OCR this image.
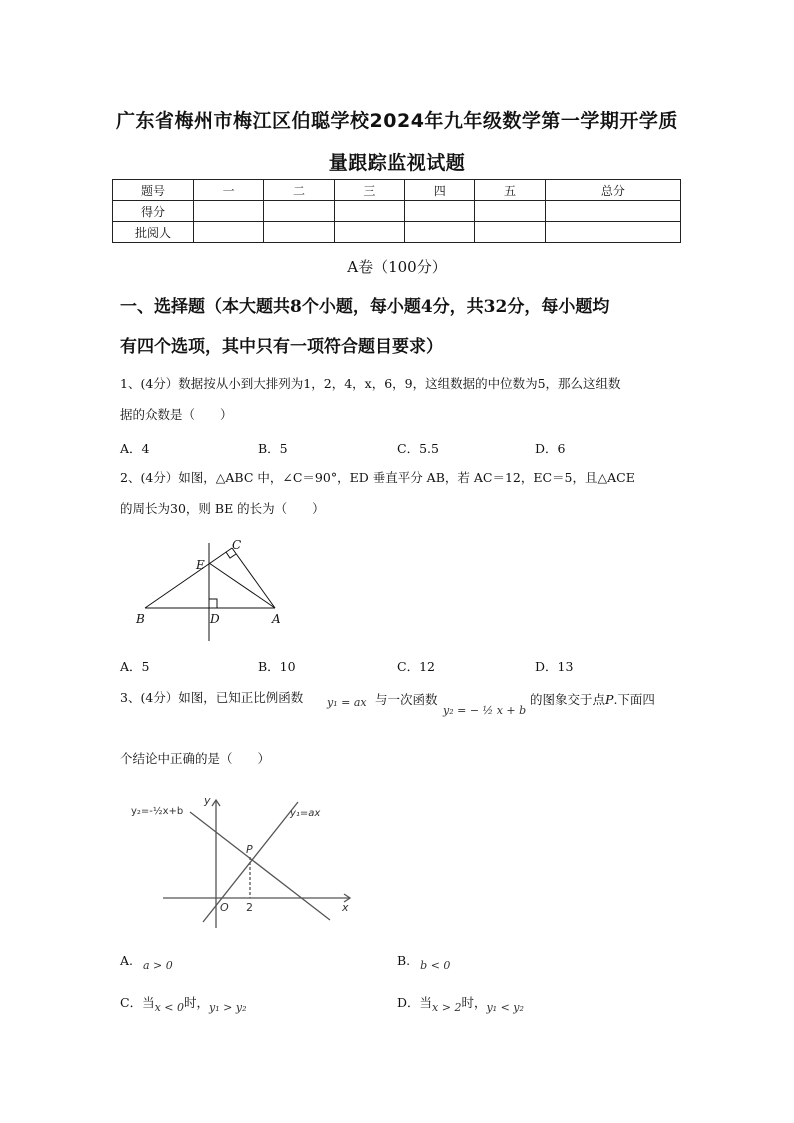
广东省梅州市梅江区伯聪学校2024年九年级数学第一学期开学质
量跟踪监视试题
题号	一	二	三	四	五	总分
得分						
批阅人						
A卷（100分）
一、选择题（本大题共8个小题，每小题4分，共32分，每小题均
有四个选项，其中只有一项符合题目要求）
1、(4分）数据按从小到大排列为1，2，4，x，6，9，这组数据的中位数为5，那么这组数
据的众数是（　　）
A．4	B．5	C．5.5	D．6
2、(4分）如图，△ABC 中，∠C＝90°，ED 垂直平分 AB，若 AC＝12，EC＝5，且△ACE
的周长为30，则 BE 的长为（　　）
B	D	A
E
C
A．5	B．10	C．12	D．13
3、(4分）如图，已知正比例函数	y₁ = ax 与一次函数
y₂ = − ½ x + b
的图象交于点P.下面四
个结论中正确的是（　　）
y₂=-½x+b	y₁=ax
y
x
P
O 2
A. a > 0	B. b < 0
C．当x < 0时，y₁ > y₂	D．当x > 2时，y₁ < y₂
